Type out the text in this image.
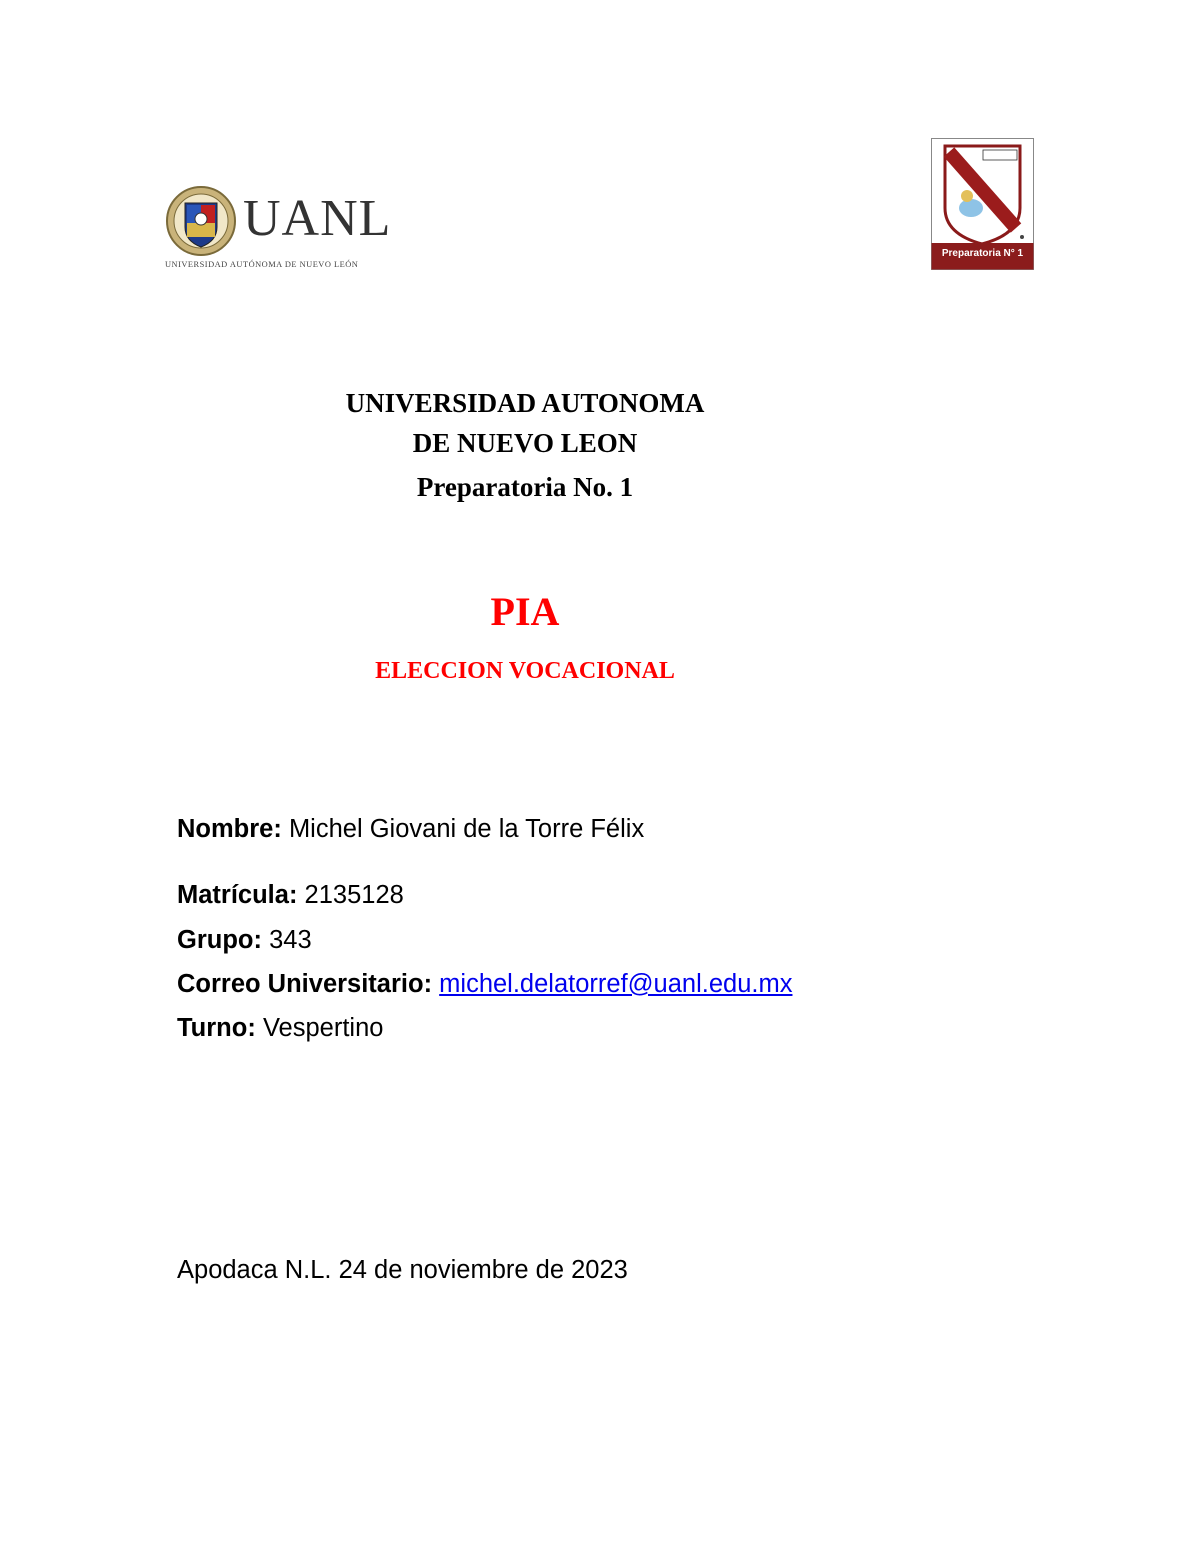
UANL
UNIVERSIDAD AUTÓNOMA DE NUEVO LEÓN
Preparatoria N° 1
UNIVERSIDAD AUTONOMA
DE NUEVO LEON
Preparatoria No. 1
PIA
ELECCION VOCACIONAL
Nombre: Michel Giovani de la Torre Félix
Matrícula: 2135128
Grupo: 343
Correo Universitario: michel.delatorref@uanl.edu.mx
Turno: Vespertino
Apodaca N.L. 24 de noviembre de 2023
